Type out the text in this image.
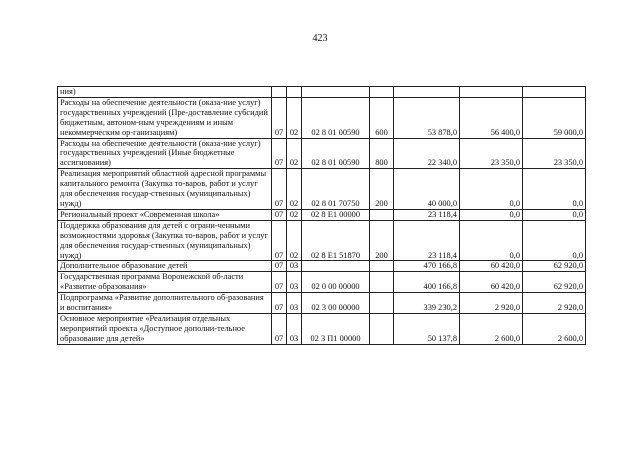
423
ния)							
Расходы на обеспечение деятельности (оказа-ние услуг) государственных учреждений (Пре-доставление субсидий бюджетным, автоном-ным учреждениям и иным некоммерческим ор-ганизациям)	07	02	02 8 01 00590	600	53 878,0	56 400,0	59 000,0
Расходы на обеспечение деятельности (оказа-ние услуг) государственных учреждений (Иные бюджетные ассигнования)	07	02	02 8 01 00590	800	22 340,0	23 350,0	23 350,0
Реализация мероприятий областной адресной программы капитального ремонта (Закупка то-варов, работ и услуг для обеспечения государ-ственных (муниципальных) нужд)	07	02	02 8 01 70750	200	40 000,0	0,0	0,0
Региональный проект «Современная школа»	07	02	02 8 E1 00000		23 118,4	0,0	0,0
Поддержка образования для детей с ограни-ченными возможностями здоровья (Закупка то-варов, работ и услуг для обеспечения государ-ственных (муниципальных) нужд)	07	02	02 8 E1 51870	200	23 118,4	0,0	0,0
Дополнительное образование детей	07	03			470 166,8	60 420,0	62 920,0
Государственная программа Воронежской об-ласти «Развитие образования»	07	03	02 0 00 00000		400 166,8	60 420,0	62 920,0
Подпрограмма «Развитие дополнительного об-разования и воспитания»	07	03	02 3 00 00000		339 230,2	2 920,0	2 920,0
Основное мероприятие «Реализация отдельных мероприятий проекта «Доступное дополни-тельное образование для детей»	07	03	02 3 П1 00000		50 137,8	2 600,0	2 600,0
